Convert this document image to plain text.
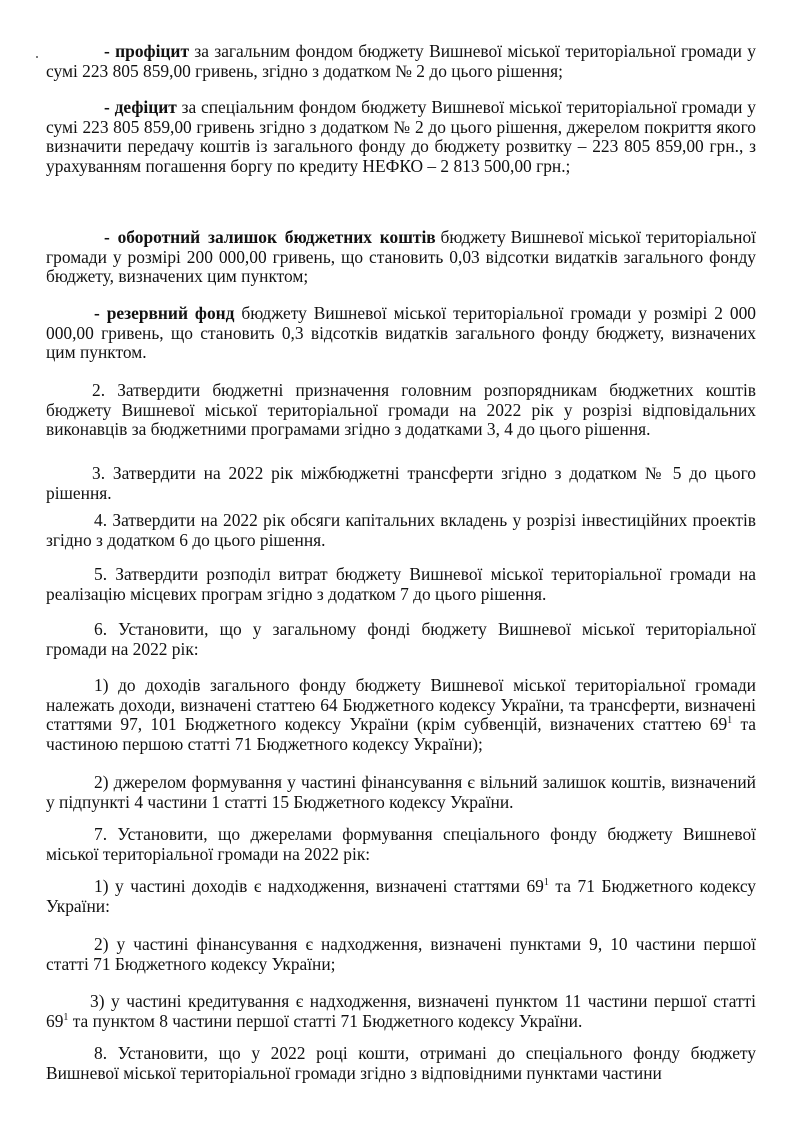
- профіцит за загальним фондом бюджету Вишневої міської територіальної громади у сумі 223 805 859,00 гривень, згідно з додатком № 2 до цього рішення;
- дефіцит за спеціальним фондом бюджету Вишневої міської територіальної громади у сумі 223 805 859,00 гривень згідно з додатком № 2 до цього рішення, джерелом покриття якого визначити передачу коштів із загального фонду до бюджету розвитку – 223 805 859,00 грн., з урахуванням погашення боргу по кредиту НЕФКО – 2 813 500,00 грн.;
- оборотний залишок бюджетних коштів бюджету Вишневої міської територіальної громади у розмірі 200 000,00 гривень, що становить 0,03 відсотки видатків загального фонду бюджету, визначених цим пунктом;
- резервний фонд бюджету Вишневої міської територіальної громади у розмірі 2 000 000,00 гривень, що становить 0,3 відсотків видатків загального фонду бюджету, визначених цим пунктом.
2. Затвердити бюджетні призначення головним розпорядникам бюджетних коштів бюджету Вишневої міської територіальної громади на 2022 рік у розрізі відповідальних виконавців за бюджетними програмами згідно з додатками 3, 4 до цього рішення.
3. Затвердити на 2022 рік міжбюджетні трансферти згідно з додатком № 5 до цього рішення.
4. Затвердити на 2022 рік обсяги капітальних вкладень у розрізі інвестиційних проектів згідно з додатком 6 до цього рішення.
5. Затвердити розподіл витрат бюджету Вишневої міської територіальної громади на реалізацію місцевих програм згідно з додатком 7 до цього рішення.
6. Установити, що у загальному фонді бюджету Вишневої міської територіальної громади на 2022 рік:
1) до доходів загального фонду бюджету Вишневої міської територіальної громади належать доходи, визначені статтею 64 Бюджетного кодексу України, та трансферти, визначені статтями 97, 101 Бюджетного кодексу України (крім субвенцій, визначених статтею $69^1$ та частиною першою статті 71 Бюджетного кодексу України);
2) джерелом формування у частині фінансування є вільний залишок коштів, визначений у підпункті 4 частини 1 статті 15 Бюджетного кодексу України.
7. Установити, що джерелами формування спеціального фонду бюджету Вишневої міської територіальної громади на 2022 рік:
1) у частині доходів є надходження, визначені статтями $69^1$ та 71 Бюджетного кодексу України:
2) у частині фінансування є надходження, визначені пунктами 9, 10 частини першої статті 71 Бюджетного кодексу України;
3) у частині кредитування є надходження, визначені пунктом 11 частини першої статті $69^1$ та пунктом 8 частини першої статті 71 Бюджетного кодексу України.
8. Установити, що у 2022 році кошти, отримані до спеціального фонду бюджету Вишневої міської територіальної громади згідно з відповідними пунктами частини
